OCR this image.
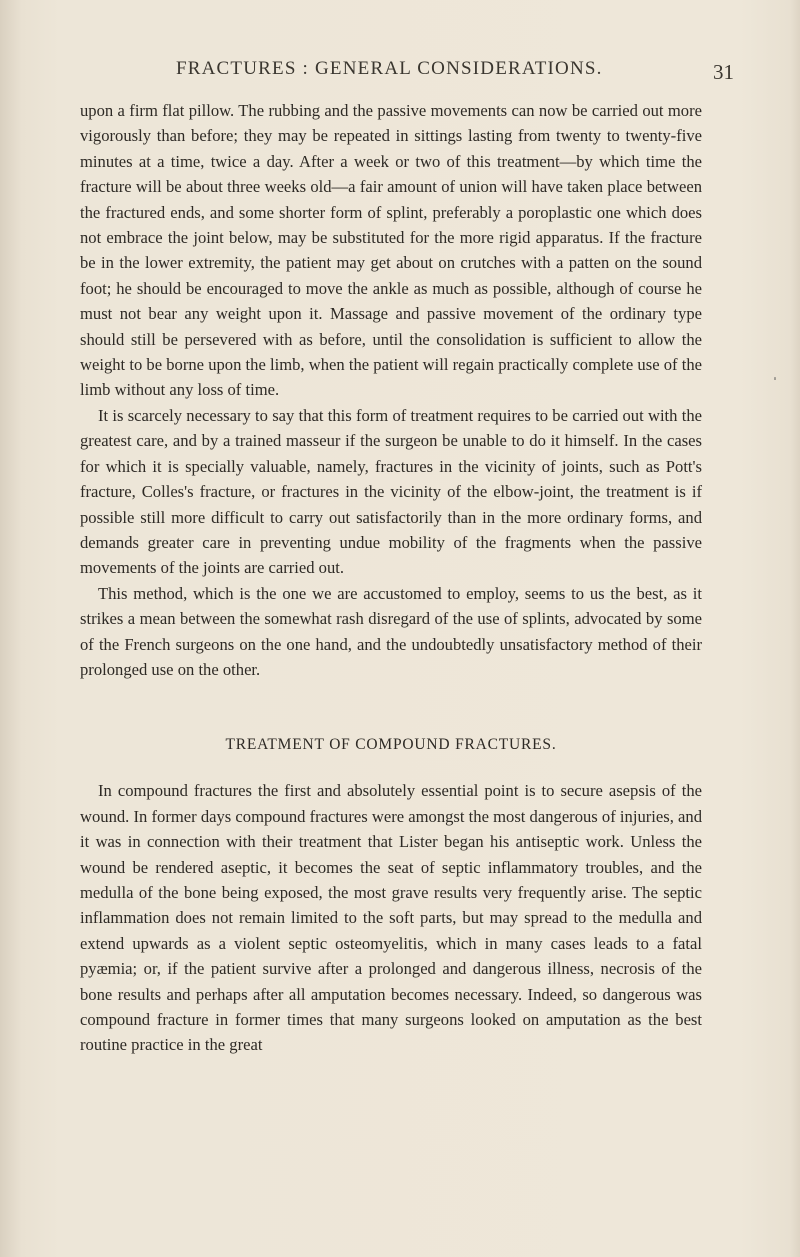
FRACTURES : GENERAL CONSIDERATIONS.	31
ˌ

upon a firm flat pillow. The rubbing and the passive movements can now be carried out more vigorously than before; they may be repeated in sittings lasting from twenty to twenty-five minutes at a time, twice a day. After a week or two of this treatment—by which time the fracture will be about three weeks old—a fair amount of union will have taken place between the fractured ends, and some shorter form of splint, preferably a poroplastic one which does not embrace the joint below, may be substituted for the more rigid apparatus. If the fracture be in the lower extremity, the patient may get about on crutches with a patten on the sound foot; he should be encouraged to move the ankle as much as possible, although of course he must not bear any weight upon it. Massage and passive movement of the ordinary type should still be persevered with as before, until the consolidation is sufficient to allow the weight to be borne upon the limb, when the patient will regain practically complete use of the limb without any loss of time.

It is scarcely necessary to say that this form of treatment requires to be carried out with the greatest care, and by a trained masseur if the surgeon be unable to do it himself. In the cases for which it is specially valuable, namely, fractures in the vicinity of joints, such as Pott's fracture, Colles's fracture, or fractures in the vicinity of the elbow-joint, the treatment is if possible still more difficult to carry out satisfactorily than in the more ordinary forms, and demands greater care in preventing undue mobility of the fragments when the passive movements of the joints are carried out.

This method, which is the one we are accustomed to employ, seems to us the best, as it strikes a mean between the somewhat rash disregard of the use of splints, advocated by some of the French surgeons on the one hand, and the undoubtedly unsatisfactory method of their prolonged use on the other.

TREATMENT OF COMPOUND FRACTURES.

In compound fractures the first and absolutely essential point is to secure asepsis of the wound. In former days compound fractures were amongst the most dangerous of injuries, and it was in connection with their treatment that Lister began his antiseptic work. Unless the wound be rendered aseptic, it becomes the seat of septic inflammatory troubles, and the medulla of the bone being exposed, the most grave results very frequently arise. The septic inflammation does not remain limited to the soft parts, but may spread to the medulla and extend upwards as a violent septic osteomyelitis, which in many cases leads to a fatal pyæmia; or, if the patient survive after a prolonged and dangerous illness, necrosis of the bone results and perhaps after all amputation becomes necessary. Indeed, so dangerous was compound fracture in former times that many surgeons looked on amputation as the best routine practice in the great
